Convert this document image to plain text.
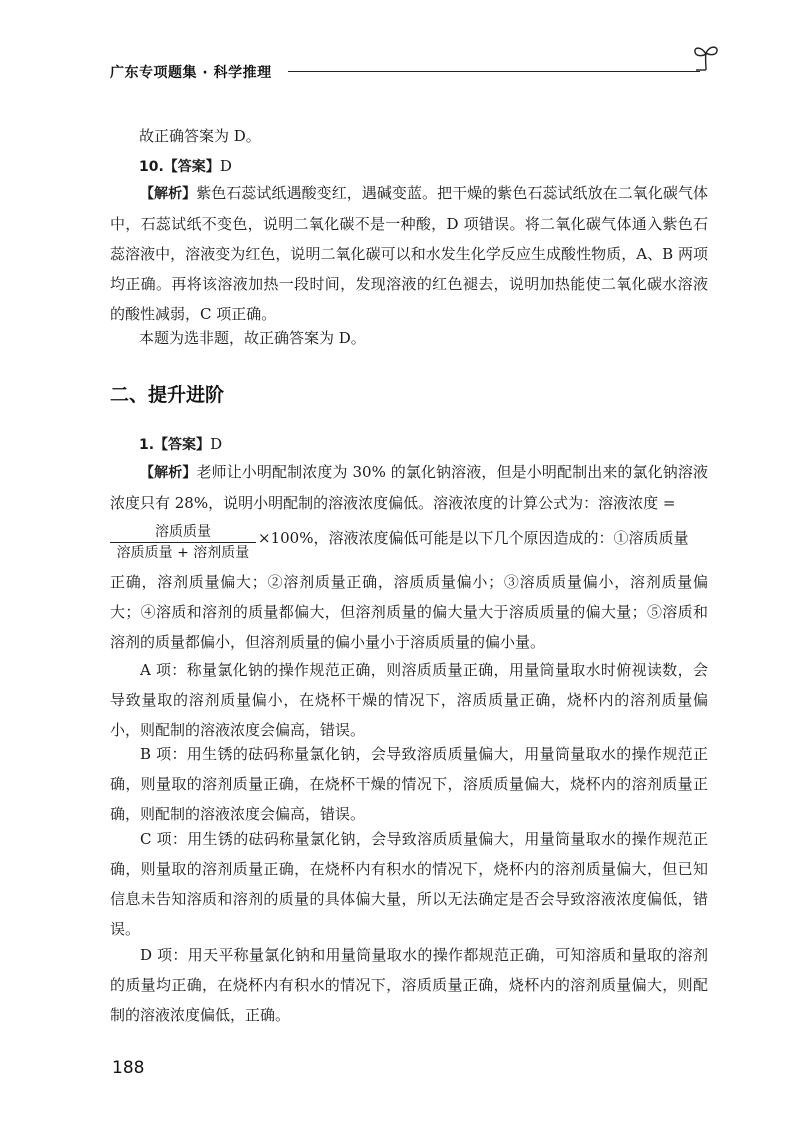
广东专项题集 · 科学推理
故正确答案为 D。
10.【答案】D

【解析】紫色石蕊试纸遇酸变红，遇碱变蓝。把干燥的紫色石蕊试纸放在二氧化碳气体中，石蕊试纸不变色，说明二氧化碳不是一种酸，D 项错误。将二氧化碳气体通入紫色石蕊溶液中，溶液变为红色，说明二氧化碳可以和水发生化学反应生成酸性物质，A、B 两项均正确。再将该溶液加热一段时间，发现溶液的红色褪去，说明加热能使二氧化碳水溶液的酸性减弱，C 项正确。

本题为选非题，故正确答案为 D。
二、提升进阶
1.【答案】D

【解析】老师让小明配制浓度为 30% 的氯化钠溶液，但是小明配制出来的氯化钠溶液浓度只有 28%，说明小明配制的溶液浓度偏低。溶液浓度的计算公式为：溶液浓度 =

溶质质量
溶质质量 + 溶剂质量
×100%，溶液浓度偏低可能是以下几个原因造成的：①溶质质量

正确，溶剂质量偏大；②溶剂质量正确，溶质质量偏小；③溶质质量偏小，溶剂质量偏大；④溶质和溶剂的质量都偏大，但溶剂质量的偏大量大于溶质质量的偏大量；⑤溶质和溶剂的质量都偏小，但溶剂质量的偏小量小于溶质质量的偏小量。

A 项：称量氯化钠的操作规范正确，则溶质质量正确，用量筒量取水时俯视读数，会导致量取的溶剂质量偏小，在烧杯干燥的情况下，溶质质量正确，烧杯内的溶剂质量偏小，则配制的溶液浓度会偏高，错误。

B 项：用生锈的砝码称量氯化钠，会导致溶质质量偏大，用量筒量取水的操作规范正确，则量取的溶剂质量正确，在烧杯干燥的情况下，溶质质量偏大，烧杯内的溶剂质量正确，则配制的溶液浓度会偏高，错误。

C 项：用生锈的砝码称量氯化钠，会导致溶质质量偏大，用量筒量取水的操作规范正确，则量取的溶剂质量正确，在烧杯内有积水的情况下，烧杯内的溶剂质量偏大，但已知信息未告知溶质和溶剂的质量的具体偏大量，所以无法确定是否会导致溶液浓度偏低，错误。

D 项：用天平称量氯化钠和用量筒量取水的操作都规范正确，可知溶质和量取的溶剂的质量均正确，在烧杯内有积水的情况下，溶质质量正确，烧杯内的溶剂质量偏大，则配制的溶液浓度偏低，正确。

188
